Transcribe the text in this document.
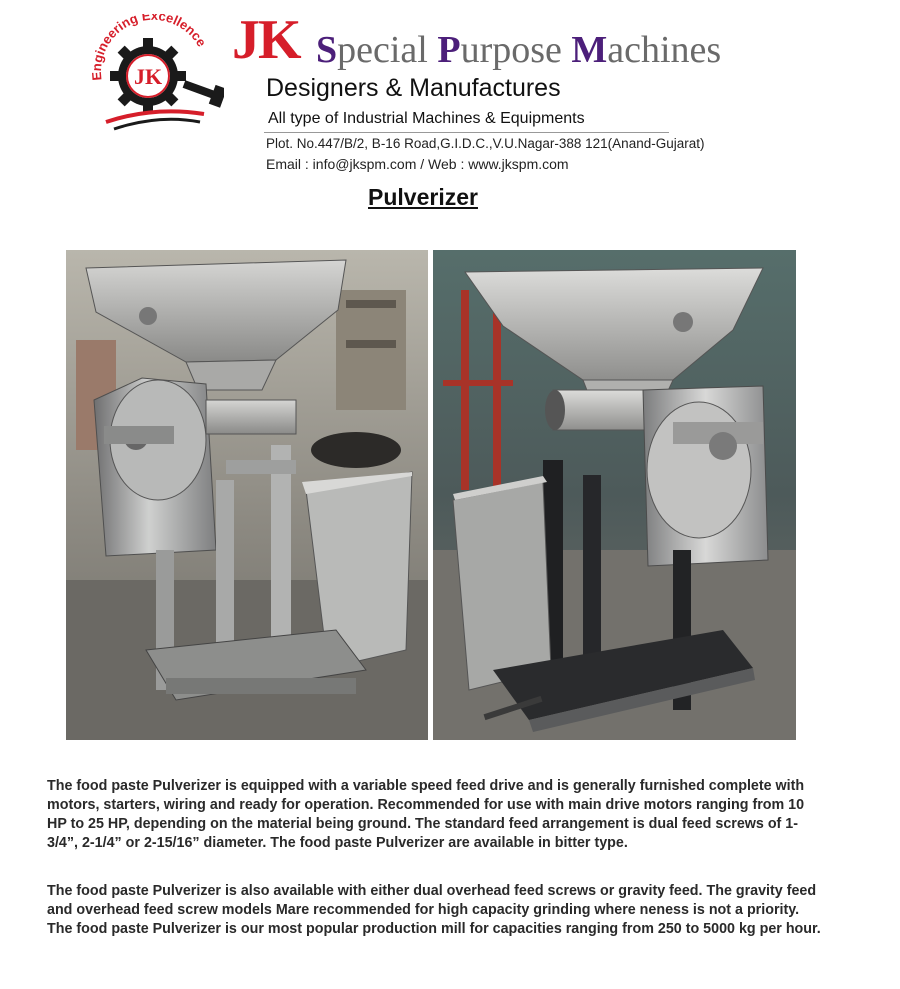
Engineering Excellence
JK
JK Special Purpose Machines
Designers & Manufactures
All type of Industrial Machines & Equipments
Plot. No.447/B/2, B-16 Road,G.I.D.C.,V.U.Nagar-388 121(Anand-Gujarat)
Email : info@jkspm.com / Web : www.jkspm.com
Pulverizer
The food paste Pulverizer is equipped with a variable speed feed drive and is generally furnished complete with motors, starters, wiring and ready for operation. Recommended for use with main drive motors ranging from 10 HP to 25 HP, depending on the material being ground. The standard feed arrangement is dual feed screws of 1-3/4”, 2-1/4” or 2-15/16” diameter. The food paste Pulverizer are available in bitter type.
The food paste Pulverizer is also available with either dual overhead feed screws or gravity feed. The gravity feed and overhead feed screw models Mare recommended for high capacity grinding where neness is not a priority. The food paste Pulverizer is our most popular production mill for capacities ranging from 250 to 5000 kg per hour.
